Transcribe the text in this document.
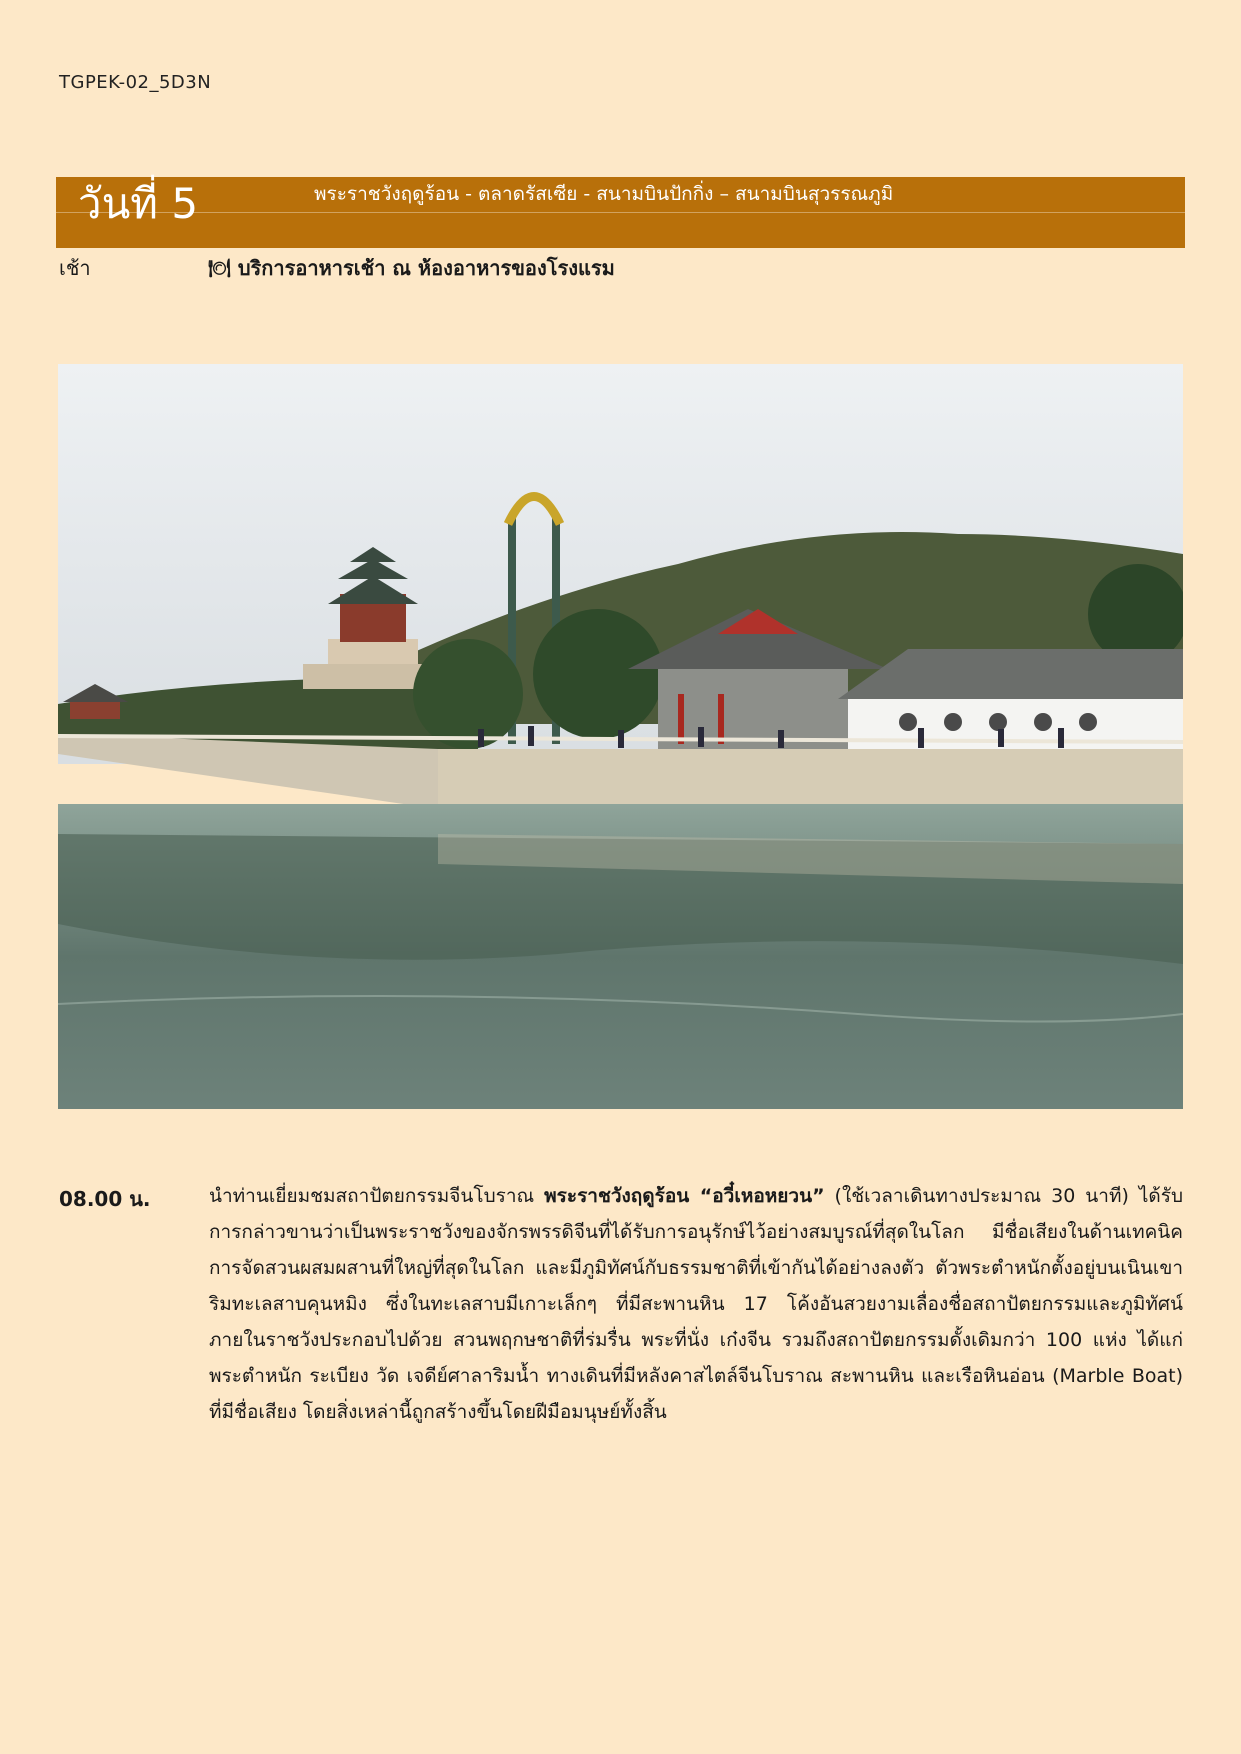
TGPEK-02_5D3N
วันที่ 5	พระราชวังฤดูร้อน - ตลาดรัสเซีย - สนามบินปักกิ่ง – สนามบินสุวรรณภูมิ
เช้า	🍽 บริการอาหารเช้า ณ ห้องอาหารของโรงแรม
08.00 น.	นำท่านเยี่ยมชมสถาปัตยกรรมจีนโบราณ พระราชวังฤดูร้อน “อวี๋เหอหยวน” (ใช้เวลาเดินทางประมาณ 30 นาที) ได้รับการกล่าวขานว่าเป็นพระราชวังของจักรพรรดิจีนที่ได้รับการอนุรักษ์ไว้อย่างสมบูรณ์ที่สุดในโลก มีชื่อเสียงในด้านเทคนิคการจัดสวนผสมผสานที่ใหญ่ที่สุดในโลก และมีภูมิทัศน์กับธรรมชาติที่เข้ากันได้อย่างลงตัว ตัวพระตำหนักตั้งอยู่บนเนินเขาริมทะเลสาบคุนหมิง ซึ่งในทะเลสาบมีเกาะเล็กๆ ที่มีสะพานหิน 17 โค้งอันสวยงามเลื่องชื่อสถาปัตยกรรมและภูมิทัศน์ภายในราชวังประกอบไปด้วย สวนพฤกษชาติที่ร่มรื่น พระที่นั่ง เก๋งจีน รวมถึงสถาปัตยกรรมดั้งเดิมกว่า 100 แห่ง ได้แก่ พระตำหนัก ระเบียง วัด เจดีย์ศาลาริมน้ำ ทางเดินที่มีหลังคาสไตล์จีนโบราณ สะพานหิน และเรือหินอ่อน (Marble Boat) ที่มีชื่อเสียง โดยสิ่งเหล่านี้ถูกสร้างขึ้นโดยฝีมือมนุษย์ทั้งสิ้น
